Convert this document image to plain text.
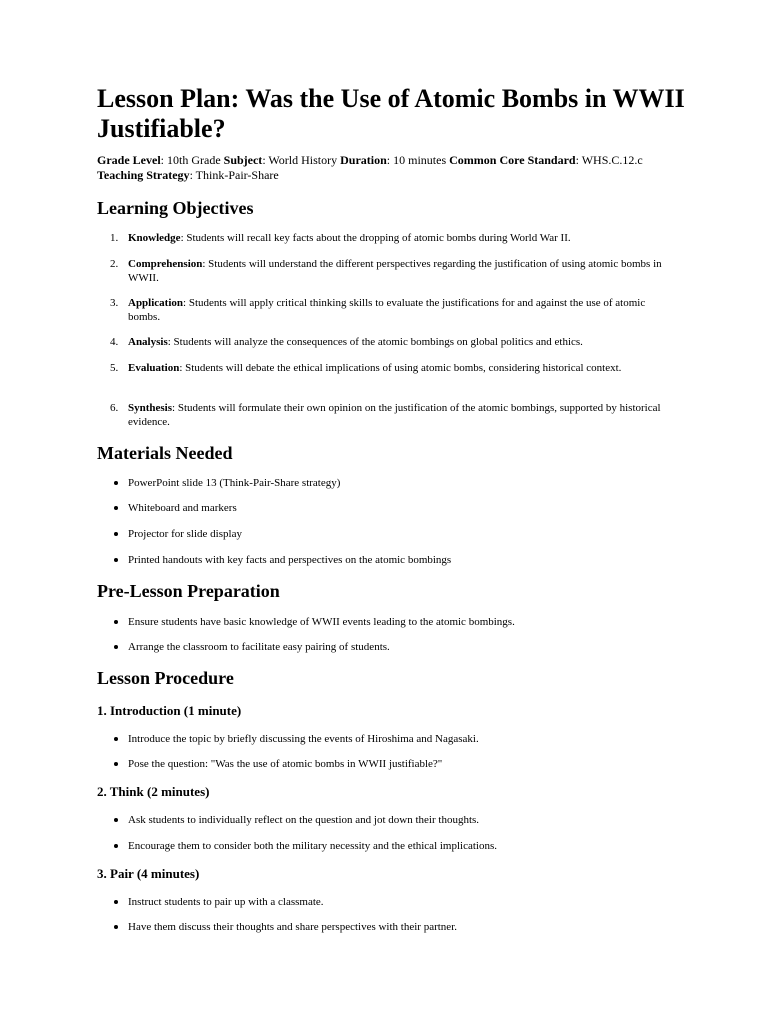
Lesson Plan: Was the Use of Atomic Bombs in WWII Justifiable?

Grade Level: 10th Grade Subject: World History Duration: 10 minutes Common Core Standard: WHS.C.12.c
Teaching Strategy: Think-Pair-Share

Learning Objectives

1. Knowledge: Students will recall key facts about the dropping of atomic bombs during World War II.

2. Comprehension: Students will understand the different perspectives regarding the justification of using atomic bombs in WWII.

3. Application: Students will apply critical thinking skills to evaluate the justifications for and against the use of atomic bombs.

4. Analysis: Students will analyze the consequences of the atomic bombings on global politics and ethics.

5. Evaluation: Students will debate the ethical implications of using atomic bombs, considering historical context.

6. Synthesis: Students will formulate their own opinion on the justification of the atomic bombings, supported by historical evidence.

Materials Needed

PowerPoint slide 13 (Think-Pair-Share strategy)

Whiteboard and markers

Projector for slide display

Printed handouts with key facts and perspectives on the atomic bombings

Pre-Lesson Preparation

Ensure students have basic knowledge of WWII events leading to the atomic bombings.

Arrange the classroom to facilitate easy pairing of students.

Lesson Procedure
1. Introduction (1 minute)

Introduce the topic by briefly discussing the events of Hiroshima and Nagasaki.

Pose the question: "Was the use of atomic bombs in WWII justifiable?"

2. Think (2 minutes)

Ask students to individually reflect on the question and jot down their thoughts.

Encourage them to consider both the military necessity and the ethical implications.

3. Pair (4 minutes)

Instruct students to pair up with a classmate.

Have them discuss their thoughts and share perspectives with their partner.
